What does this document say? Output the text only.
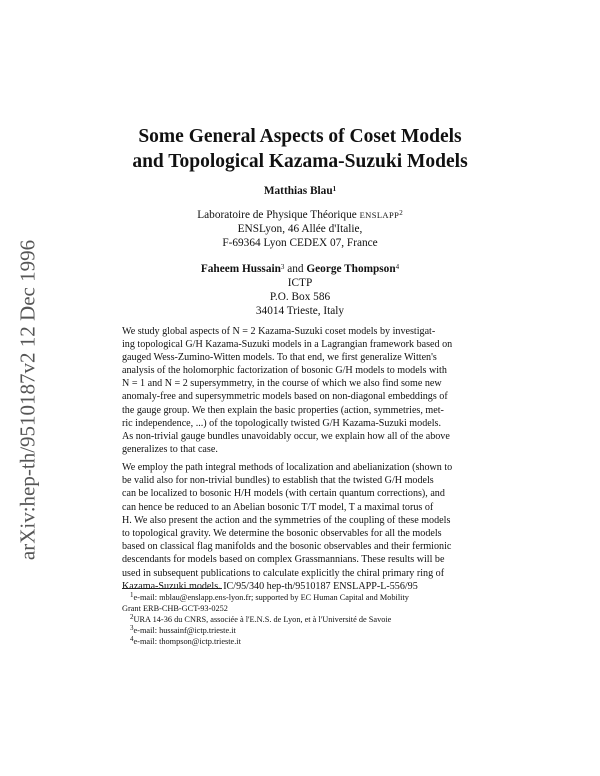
arXiv:hep-th/9510187v2 12 Dec 1996
Some General Aspects of Coset Models
and Topological Kazama-Suzuki Models
Matthias Blau$^1$
Laboratoire de Physique Théorique ENSLAPP$^2$
ENSLyon, 46 Allée d'Italie,
F-69364 Lyon CEDEX 07, France
Faheem Hussain$^3$ and George Thompson$^4$
ICTP
P.O. Box 586
34014 Trieste, Italy
We study global aspects of N = 2 Kazama-Suzuki coset models by investigat-
ing topological G/H Kazama-Suzuki models in a Lagrangian framework based on
gauged Wess-Zumino-Witten models. To that end, we first generalize Witten's
analysis of the holomorphic factorization of bosonic G/H models to models with
N = 1 and N = 2 supersymmetry, in the course of which we also find some new
anomaly-free and supersymmetric models based on non-diagonal embeddings of
the gauge group. We then explain the basic properties (action, symmetries, met-
ric independence, ...) of the topologically twisted G/H Kazama-Suzuki models.
As non-trivial gauge bundles unavoidably occur, we explain how all of the above
generalizes to that case.
We employ the path integral methods of localization and abelianization (shown to
be valid also for non-trivial bundles) to establish that the twisted G/H models
can be localized to bosonic H/H models (with certain quantum corrections), and
can hence be reduced to an Abelian bosonic T/T model, T a maximal torus of
H. We also present the action and the symmetries of the coupling of these models
to topological gravity. We determine the bosonic observables for all the models
based on classical flag manifolds and the bosonic observables and their fermionic
descendants for models based on complex Grassmannians. These results will be
used in subsequent publications to calculate explicitly the chiral primary ring of
Kazama-Suzuki models. IC/95/340 hep-th/9510187 ENSLAPP-L-556/95
$^1$e-mail: mblau@enslapp.ens-lyon.fr; supported by EC Human Capital and Mobility
Grant ERB-CHB-GCT-93-0252
$^2$URA 14-36 du CNRS, associée à l'E.N.S. de Lyon, et à l'Université de Savoie
$^3$e-mail: hussainf@ictp.trieste.it
$^4$e-mail: thompson@ictp.trieste.it
